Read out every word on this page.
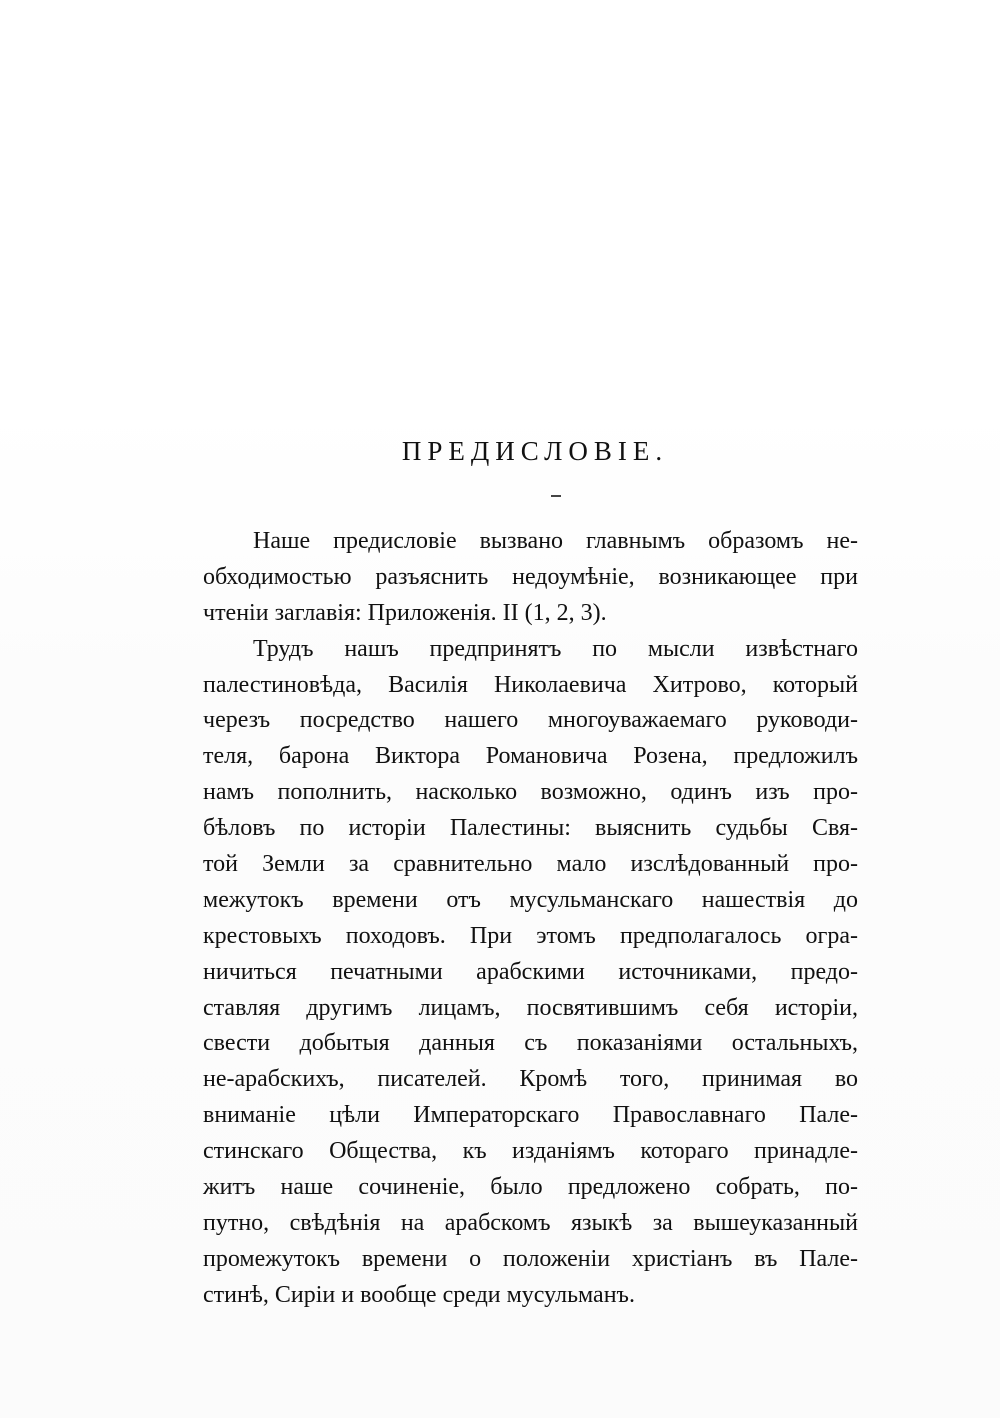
ПРЕДИСЛОВІЕ.
Наше предисловіе вызвано главнымъ образомъ не-
обходимостью разъяснить недоумѣніе, возникающее при
чтеніи заглавія: Приложенія. II (1, 2, 3).
Трудъ нашъ предпринятъ по мысли извѣстнаго
палестиновѣда, Василія Николаевича Хитрово, который
черезъ посредство нашего многоуважаемаго руководи-
теля, барона Виктора Романовича Розена, предложилъ
намъ пополнить, насколько возможно, одинъ изъ про-
бѣловъ по исторіи Палестины: выяснить судьбы Свя-
той Земли за сравнительно мало изслѣдованный про-
межутокъ времени отъ мусульманскаго нашествія до
крестовыхъ походовъ. При этомъ предполагалось огра-
ничиться печатными арабскими источниками, предо-
ставляя другимъ лицамъ, посвятившимъ себя исторіи,
свести добытыя данныя съ показаніями остальныхъ,
не-арабскихъ, писателей. Кромѣ того, принимая во
вниманіе цѣли Императорскаго Православнаго Пале-
стинскаго Общества, къ изданіямъ котораго принадле-
житъ наше сочиненіе, было предложено собрать, по-
путно, свѣдѣнія на арабскомъ языкѣ за вышеуказанный
промежутокъ времени о положеніи христіанъ въ Пале-
стинѣ, Сиріи и вообще среди мусульманъ.
